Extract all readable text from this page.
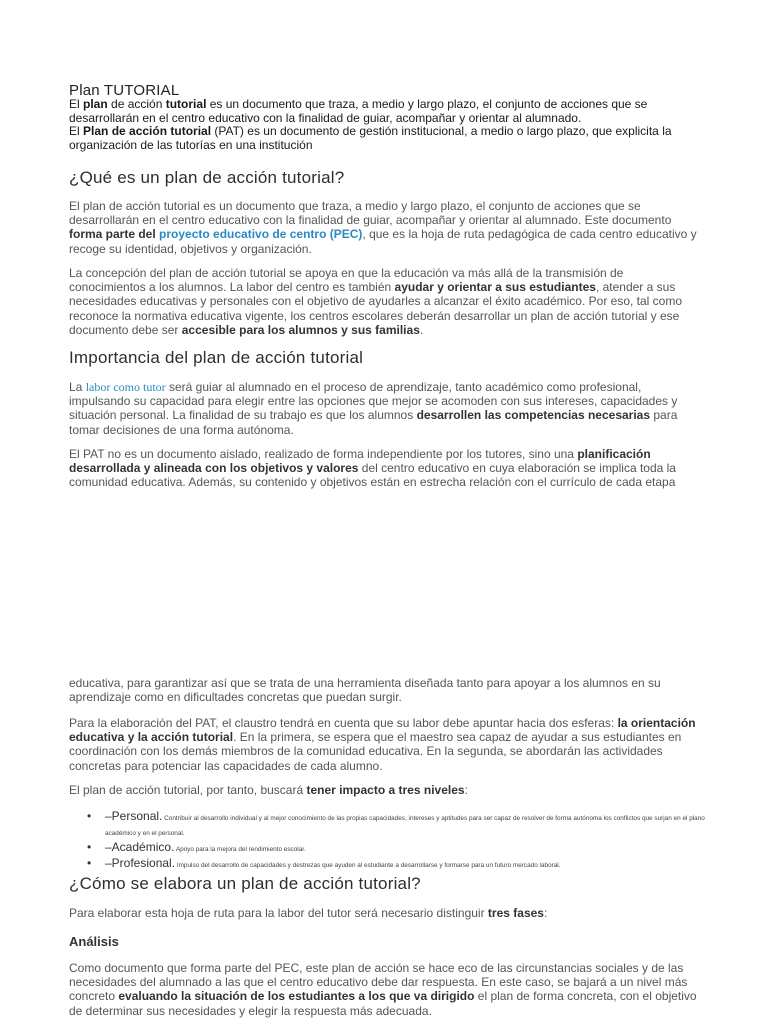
Plan TUTORIAL
El plan de acción tutorial es un documento que traza, a medio y largo plazo, el conjunto de acciones que se desarrollarán en el centro educativo con la finalidad de guiar, acompañar y orientar al alumnado.
El Plan de acción tutorial (PAT) es un documento de gestión institucional, a medio o largo plazo, que explicita la organización de las tutorías en una institución
¿Qué es un plan de acción tutorial?

El plan de acción tutorial es un documento que traza, a medio y largo plazo, el conjunto de acciones que se desarrollarán en el centro educativo con la finalidad de guiar, acompañar y orientar al alumnado. Este documento forma parte del proyecto educativo de centro (PEC), que es la hoja de ruta pedagógica de cada centro educativo y recoge su identidad, objetivos y organización.

La concepción del plan de acción tutorial se apoya en que la educación va más allá de la transmisión de conocimientos a los alumnos. La labor del centro es también ayudar y orientar a sus estudiantes, atender a sus necesidades educativas y personales con el objetivo de ayudarles a alcanzar el éxito académico. Por eso, tal como reconoce la normativa educativa vigente, los centros escolares deberán desarrollar un plan de acción tutorial y ese documento debe ser accesible para los alumnos y sus familias.

Importancia del plan de acción tutorial

La labor como tutor será guiar al alumnado en el proceso de aprendizaje, tanto académico como profesional, impulsando su capacidad para elegir entre las opciones que mejor se acomoden con sus intereses, capacidades y situación personal. La finalidad de su trabajo es que los alumnos desarrollen las competencias necesarias para tomar decisiones de una forma autónoma.

El PAT no es un documento aislado, realizado de forma independiente por los tutores, sino una planificación desarrollada y alineada con los objetivos y valores del centro educativo en cuya elaboración se implica toda la comunidad educativa. Además, su contenido y objetivos están en estrecha relación con el currículo de cada etapa

educativa, para garantizar así que se trata de una herramienta diseñada tanto para apoyar a los alumnos en su aprendizaje como en dificultades concretas que puedan surgir.

Para la elaboración del PAT, el claustro tendrá en cuenta que su labor debe apuntar hacia dos esferas: la orientación educativa y la acción tutorial. En la primera, se espera que el maestro sea capaz de ayudar a sus estudiantes en coordinación con los demás miembros de la comunidad educativa. En la segunda, se abordarán las actividades concretas para potenciar las capacidades de cada alumno.

El plan de acción tutorial, por tanto, buscará tener impacto a tres niveles:

• –Personal. Contribuir al desarrollo individual y al mejor conocimiento de las propias capacidades, intereses y aptitudes para ser capaz de resolver de forma autónoma los conflictos que surjan en el plano académico y en el personal.
• –Académico. Apoyo para la mejora del rendimiento escolar.
• –Profesional. Impulso del desarrollo de capacidades y destrezas que ayuden al estudiante a desarrollarse y formarse para un futuro mercado laboral.
¿Cómo se elabora un plan de acción tutorial?

Para elaborar esta hoja de ruta para la labor del tutor será necesario distinguir tres fases:

Análisis

Como documento que forma parte del PEC, este plan de acción se hace eco de las circunstancias sociales y de las necesidades del alumnado a las que el centro educativo debe dar respuesta. En este caso, se bajará a un nivel más concreto evaluando la situación de los estudiantes a los que va dirigido el plan de forma concreta, con el objetivo de determinar sus necesidades y elegir la respuesta más adecuada.
